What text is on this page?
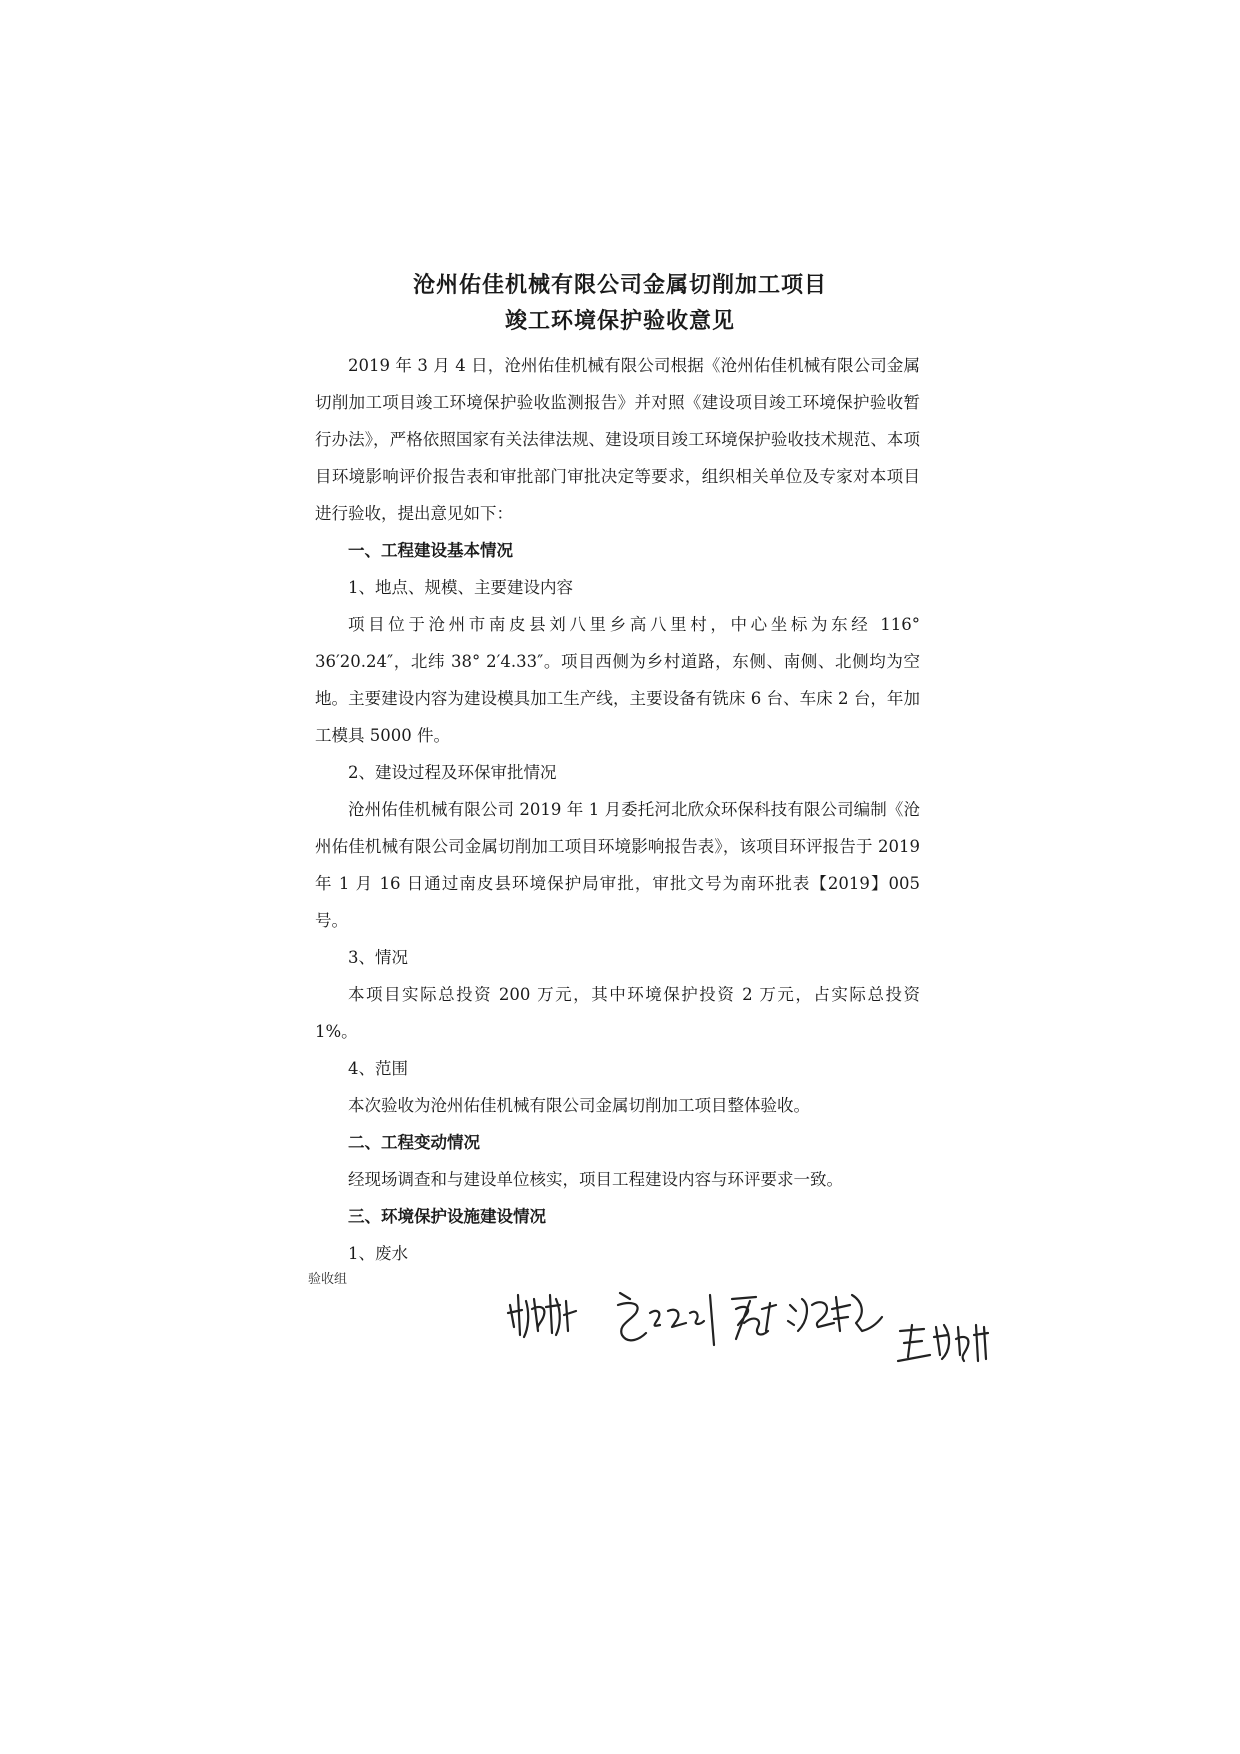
沧州佑佳机械有限公司金属切削加工项目
竣工环境保护验收意见

2019 年 3 月 4 日，沧州佑佳机械有限公司根据《沧州佑佳机械有限公司金属切削加工项目竣工环境保护验收监测报告》并对照《建设项目竣工环境保护验收暂行办法》，严格依照国家有关法律法规、建设项目竣工环境保护验收技术规范、本项目环境影响评价报告表和审批部门审批决定等要求，组织相关单位及专家对本项目进行验收，提出意见如下：

一、工程建设基本情况

1、地点、规模、主要建设内容

项目位于沧州市南皮县刘八里乡高八里村，中心坐标为东经 116° 36′20.24″，北纬 38° 2′4.33″。项目西侧为乡村道路，东侧、南侧、北侧均为空地。主要建设内容为建设模具加工生产线，主要设备有铣床 6 台、车床 2 台，年加工模具 5000 件。

2、建设过程及环保审批情况

沧州佑佳机械有限公司 2019 年 1 月委托河北欣众环保科技有限公司编制《沧州佑佳机械有限公司金属切削加工项目环境影响报告表》，该项目环评报告于 2019 年 1 月 16 日通过南皮县环境保护局审批，审批文号为南环批表【2019】005 号。

3、情况

本项目实际总投资 200 万元，其中环境保护投资 2 万元，占实际总投资 1%。

4、范围

本次验收为沧州佑佳机械有限公司金属切削加工项目整体验收。

二、工程变动情况

经现场调查和与建设单位核实，项目工程建设内容与环评要求一致。

三、环境保护设施建设情况

1、废水

验收组
